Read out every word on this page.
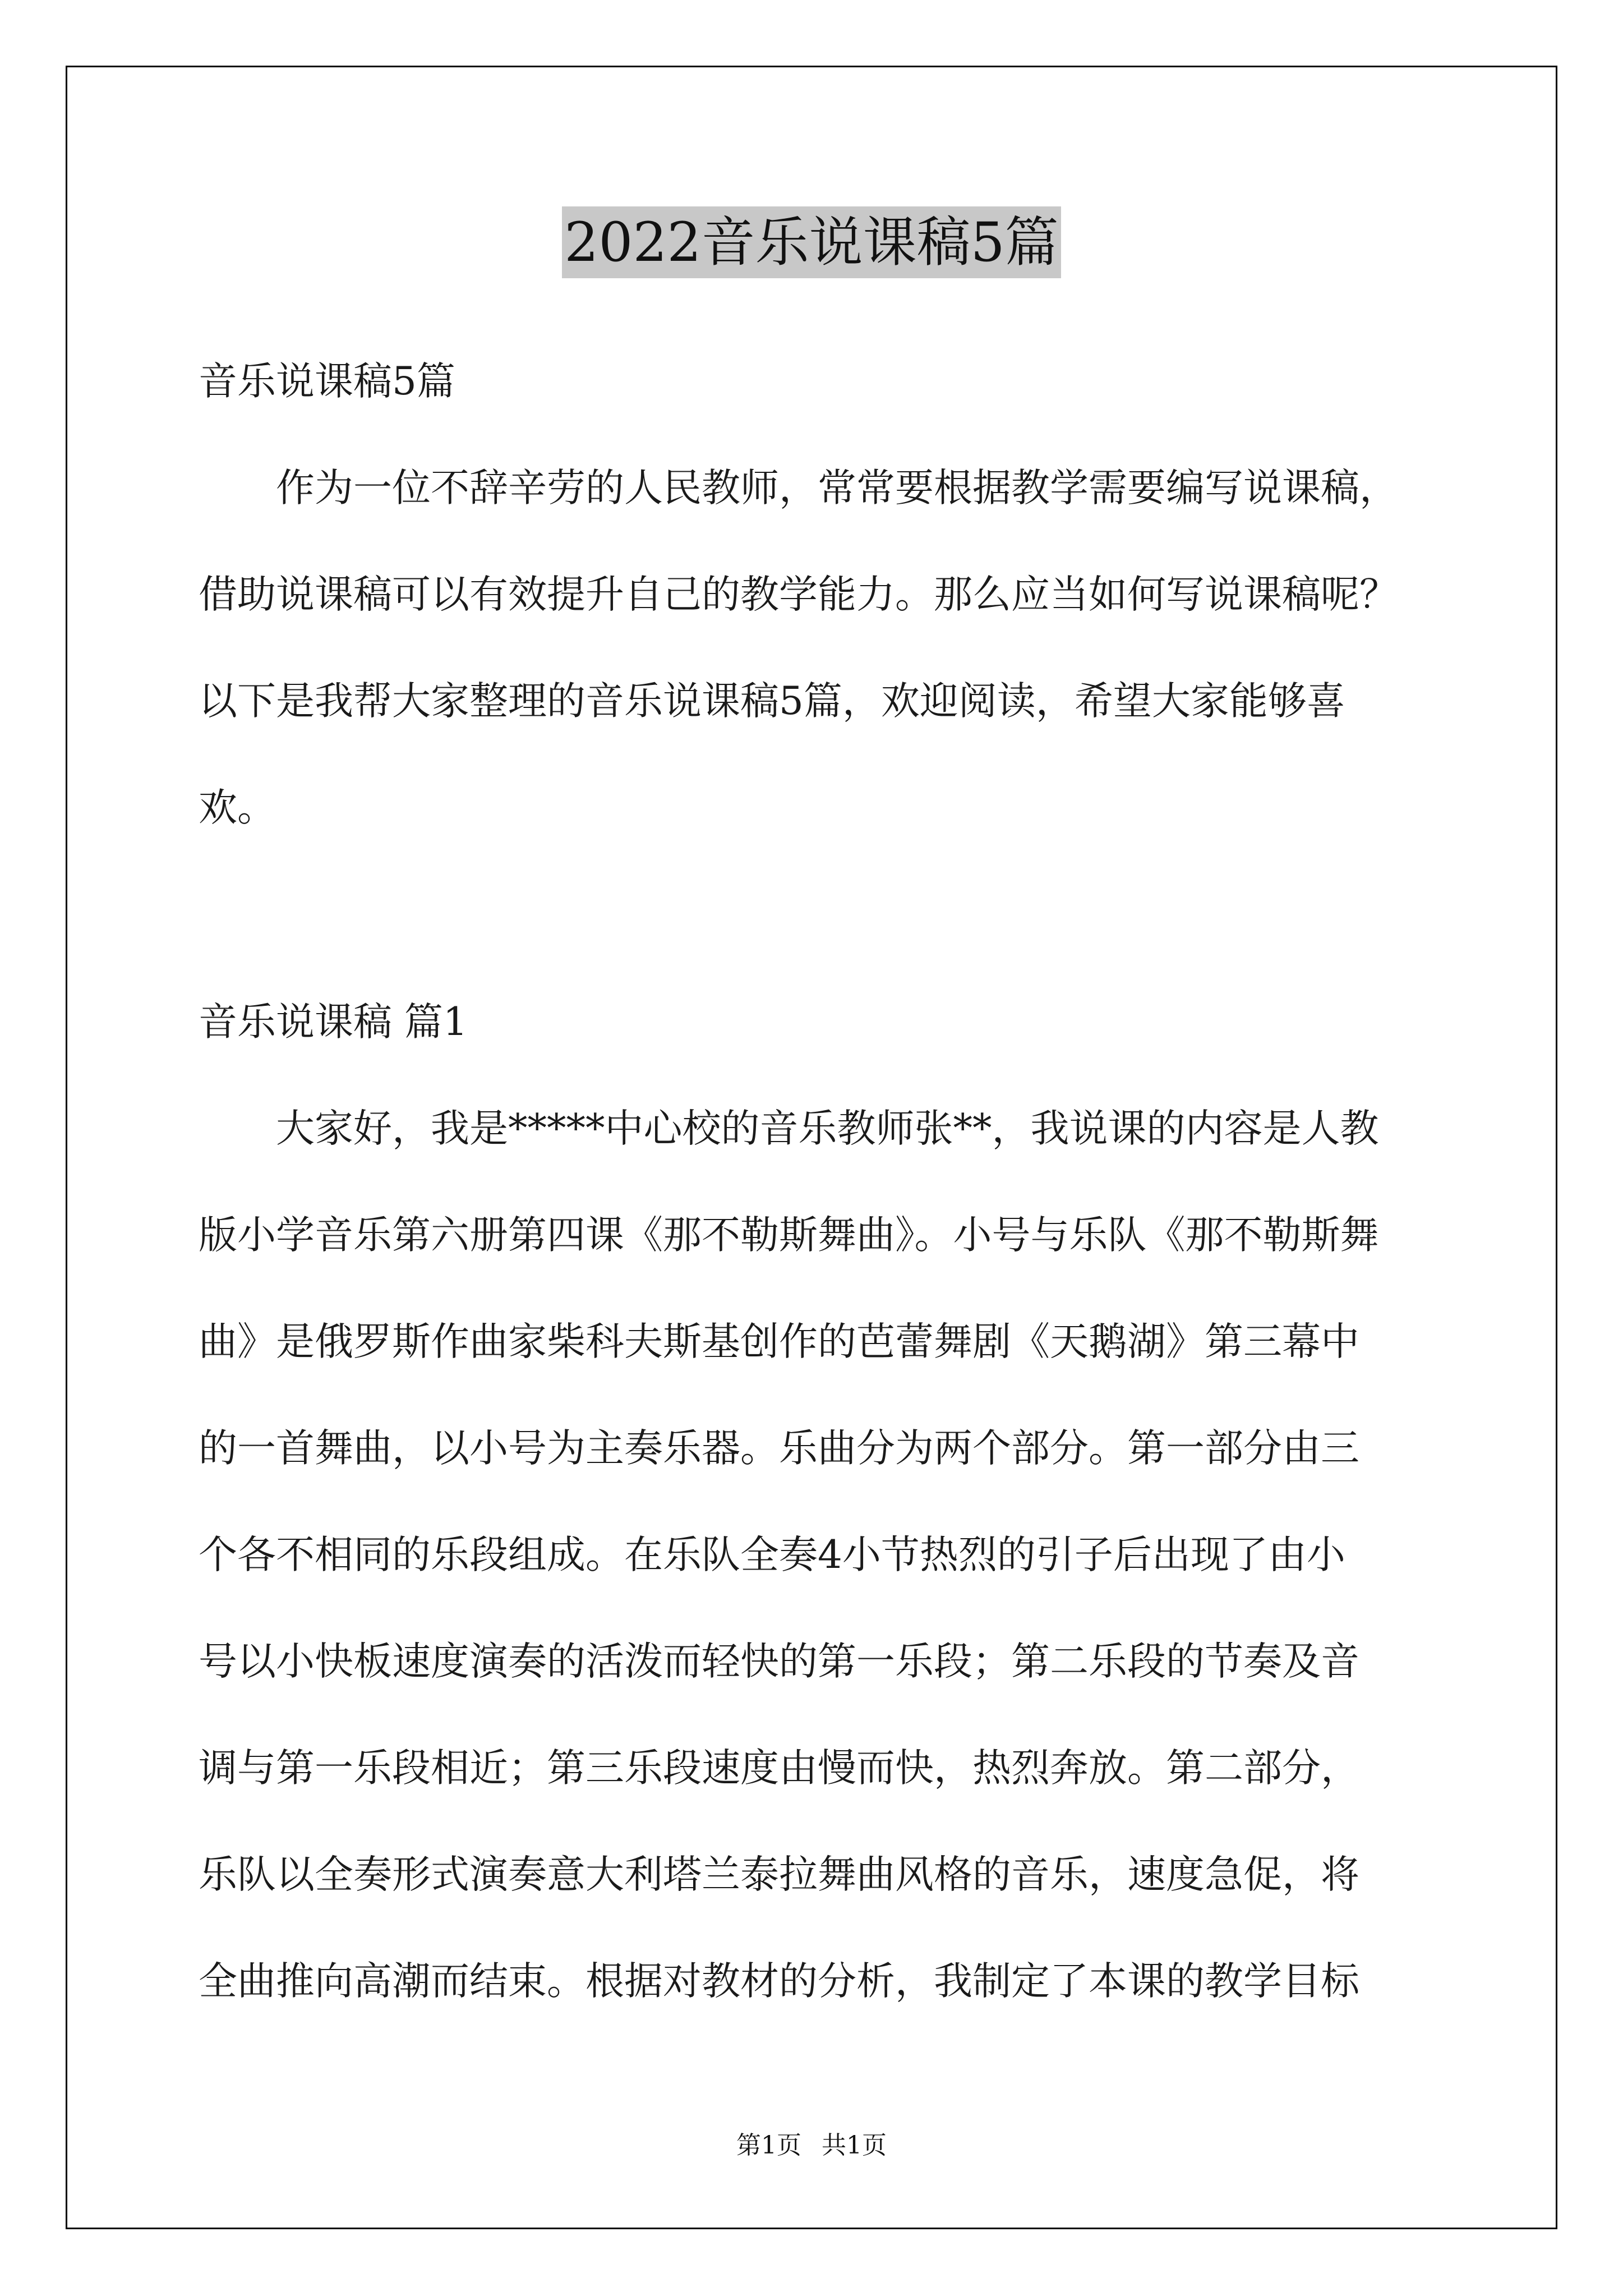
2022音乐说课稿5篇
音乐说课稿5篇
作为一位不辞辛劳的人民教师，常常要根据教学需要编写说课稿，
借助说课稿可以有效提升自己的教学能力。那么应当如何写说课稿呢？
以下是我帮大家整理的音乐说课稿5篇，欢迎阅读，希望大家能够喜
欢。
音乐说课稿 篇1
大家好，我是*****中心校的音乐教师张**，我说课的内容是人教
版小学音乐第六册第四课《那不勒斯舞曲》。小号与乐队《那不勒斯舞
曲》是俄罗斯作曲家柴科夫斯基创作的芭蕾舞剧《天鹅湖》第三幕中
的一首舞曲，以小号为主奏乐器。乐曲分为两个部分。第一部分由三
个各不相同的乐段组成。在乐队全奏4小节热烈的引子后出现了由小
号以小快板速度演奏的活泼而轻快的第一乐段；第二乐段的节奏及音
调与第一乐段相近；第三乐段速度由慢而快，热烈奔放。第二部分，
乐队以全奏形式演奏意大利塔兰泰拉舞曲风格的音乐，速度急促，将
全曲推向高潮而结束。根据对教材的分析，我制定了本课的教学目标
第1页 共1页
